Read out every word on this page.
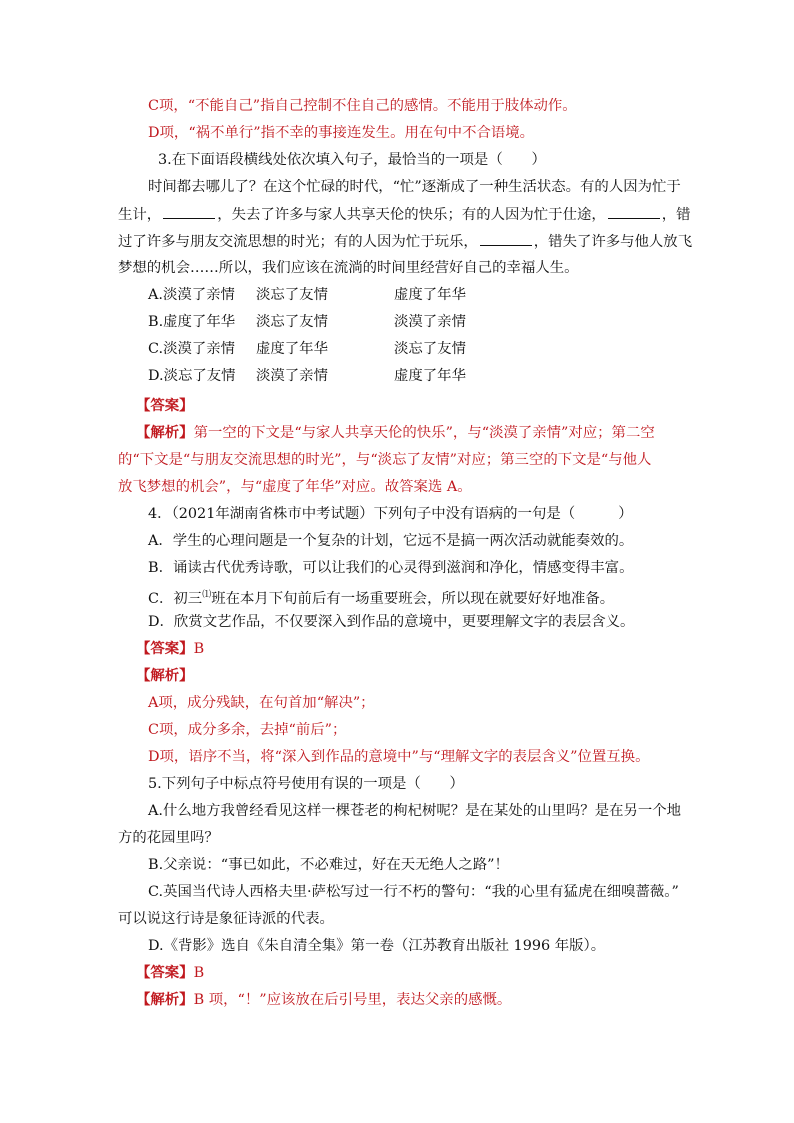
C项，“不能自己”指自己控制不住自己的感情。不能用于肢体动作。
D项，“祸不单行”指不幸的事接连发生。用在句中不合语境。
3.在下面语段横线处依次填入句子，最恰当的一项是（　　）
时间都去哪儿了？在这个忙碌的时代，“忙”逐渐成了一种生活状态。有的人因为忙于
生计，	，失去了许多与家人共享天伦的快乐；有的人因为忙于仕途，	，错
过了许多与朋友交流思想的时光；有的人因为忙于玩乐，	，错失了许多与他人放飞
梦想的机会……所以，我们应该在流淌的时间里经营好自己的幸福人生。
A.淡漠了亲情 淡忘了友情	虚度了年华
B.虚度了年华 淡忘了友情	淡漠了亲情
C.淡漠了亲情 虚度了年华	淡忘了友情
D.淡忘了友情 淡漠了亲情	虚度了年华
【答案】
【解析】第一空的下文是“与家人共享天伦的快乐”，与“淡漠了亲情”对应；第二空
的“下文是“与朋友交流思想的时光”，与“淡忘了友情”对应；第三空的下文是“与他人
放飞梦想的机会”，与“虚度了年华”对应。故答案选 A。
4．（2021年湖南省株市中考试题）下列句子中没有语病的一句是（　　　）
A．学生的心理问题是一个复杂的计划，它远不是搞一两次活动就能奏效的。
B．诵读古代优秀诗歌，可以让我们的心灵得到滋润和净化，情感变得丰富。
C．初三⑴班在本月下旬前后有一场重要班会，所以现在就要好好地准备。
D．欣赏文艺作品，不仅要深入到作品的意境中，更要理解文字的表层含义。
【答案】B
【解析】
A项，成分残缺，在句首加“解决”；
C项，成分多余，去掉“前后”；
D项，语序不当，将“深入到作品的意境中”与“理解文字的表层含义”位置互换。
5.下列句子中标点符号使用有误的一项是（　　）
A.什么地方我曾经看见这样一棵苍老的枸杞树呢？是在某处的山里吗？是在另一个地
方的花园里吗？
B.父亲说：“事已如此，不必难过，好在天无绝人之路”！
C.英国当代诗人西格夫里·萨松写过一行不朽的警句：“我的心里有猛虎在细嗅蔷薇。”
可以说这行诗是象征诗派的代表。
D.《背影》选自《朱自清全集》第一卷（江苏教育出版社 1996 年版）。
【答案】B
【解析】B 项，“！”应该放在后引号里，表达父亲的感慨。
